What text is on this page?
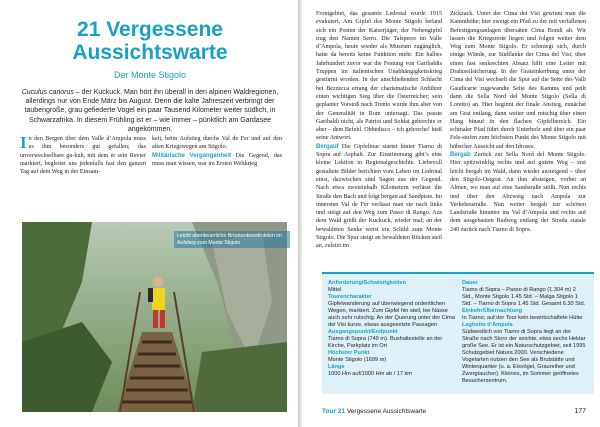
21 Vergessene Aussichtswarte
Der Monte Stigolo
Cuculus canorus – der Kuckuck. Man hört ihn überall in den alpinen Waldregionen, allerdings nur von Ende März bis August. Denn die kalte Jahreszeit verbringt der taubengroße, grau gefiederte Vogel ein paar Tausend Kilometer weiter südlich, in Schwarzafrika. In diesem Frühling ist er – wie immer – pünktlich am Gardasee angekommen.
In den Bergen über dem Valle d’Ampola muss es ihm besonders gut gefallen; das unverwechselbare gu-kuh, mit dem er sein Revier markiert, begleitet uns jedenfalls fast den ganzen Tag auf dem Weg in der Einsam-
keit, beim Aufstieg durchs Val de Fer und auf den alten Kriegswegen am Stigolo.
Militärische Vergangenheit Die Gegend, das muss man wissen, war im Ersten Weltkrieg
Leicht abenteuerliche Brückenkonstruktion im Aufstieg zum Monte Stigolo
Frontgebiet, das gesamte Ledrotal wurde 1915 evakuiert. Am Gipfel des Monte Stigolo befand sich ein Posten der Kaiserjäger, der Nebengipfel trug den Namen Serru. Die Talsperre im Valle d’Ampola, heute wieder als Museum zugänglich, hatte da bereits keine Funktion mehr. Ein halbes Jahrhundert zuvor war die Festung von Garibaldis Truppen im italienischen Unabhängigkeitskrieg gestürmt worden. In der anschließenden Schlacht bei Bezzecca errang der charismatische Anführer einen wichtigen Sieg über die Österreicher; sein geplanter Vorstoß nach Trento wurde ihm aber von der Generalität in Rom untersagt. Das passte Garibaldi nicht, als Patriot und Soldat gehorchte er aber – dem Befehl. Obbedisco – ich gehorche! hieß seine Antwort.
Bergauf Die Gipfeltour startet hinter Tiarno di Sopra auf Asphalt. Zur Einstimmung gibt’s eine kleine Lektion in Regionalgeschichte. Liebevoll gestaltete Bilder berichten vom Leben im Ledrotal einst, dazwischen sind Sagen aus der Gegend. Nach etwa zweieinhalb Kilometern verlässt die Straße den Bach und folgt bergan auf Sandpiste. Im innersten Val de Fer verlässt man sie nach links und steigt auf den Weg zum Passo di Rango. Aus dem Wald grüßt der Kuckuck, wieder mal; an der bewaldeten Senke weist ein Schild zum Monte Stigolo. Die Spur steigt an bewaldeten Rücken steil an, zuletzt im
Zickzack. Unter der Cima dei Visi gewinnt man die Kammhöhe; hier zweigt ein Pfad zu der mit verfallenen Befestigungsanlagen übersäten Cima Bondi ab. Wir lassen die Kriegsreste liegen und folgen weiter dem Weg zum Monte Stigolo. Er schmiegt sich, durch einige Wände, zur Südflanke der Cima del Visi; über einen fast senkrechten Absatz hilft eine Leiter mit Drahtseilsicherung. In der Grateinkerbung unter der Cima del Visi wechselt die Spur auf die Seite des Valli Gaudicarie zugewandte Seite des Kamms und peilt dann die Sella Nord del Monte Stigolo (Sella di Loretto) an. Hier beginnt der finale Anstieg, zunächst am Grat entlang, dann weiter und rutschig über einen Hang hinauf in den flachen Gipfelbereich. Ein schmaler Pfad führt durch Unterholz und über ein paar Fels-stufen zum höchsten Punkt des Monte Stigolo mit hübscher Aussicht auf den Idrosee.
Bergab Zurück zur Sella Nord del Monte Stigolo. Hier spitzwinklig rechts und auf gutem Weg – erst leicht bergab im Wald, dann wieder ansteigend – über den Stigolo-Ostgrat. An ihm absteigen, vorbei an Almen, wo man auf eine Sandstraße stößt. Nun rechts und über den Abzweig nach Ampola zur Verkehrsstraße. Nun weiter bergab zur schönen Landstraße hinunter ins Val d’Ampola und rechts auf dem ausgebauten Radweg entlang der Strada statale 240 zurück nach Tiarno di Sopra.
Anforderung/Schwierigkeiten
Mittel
Tourencharakter
Gipfelwanderung auf überwiegend ordentlichen Wegen, markiert. Zum Gipfel hin steil, bei Nässe auch sehr rutschig. An der Querung unter der Cima del Visi kurze, etwas ausgesetzte Passagen
Ausgangspunkt/Endpunkt
Tiarno di Sopra (749 m). Bushaltestelle an der Kirche, Parkplatz im Ort
Höchster Punkt
Monte Stigolo (1699 m)
Länge
1000 Hm auf/1000 Hm ab / 17 km
Dauer
Tiarno di Sopra – Passo di Rango (1.304 m) 2 Std., Monte Stigolo 1.45 Std. – Malga Stigolo 1 Std. – Tiarno di Sopra 1.45 Std. Gesamt 6.30 Std.
Einkehr/Übernachtung
In Tiarno; auf der Tour kein bewirtschaftete Hütte
Laghetto d’Ampola
Südwestlich von Tiarno di Sopra liegt an der Straße nach Storo der seichte, etwa sechs Hektar große See. Er ist ein Naturschutzgebiet, seit 1995 Schutzgebiet Natura 2000. Verschiedene Vogelarten nutzen den See als Brutstätte und Winterquartier (u. a. Eisvögel, Graureiher und Zwergtaucher). Kleines, im Sommer geöffnetes Besucherzentrum.
Tour 21 Vergessene Aussichtswarte	177
